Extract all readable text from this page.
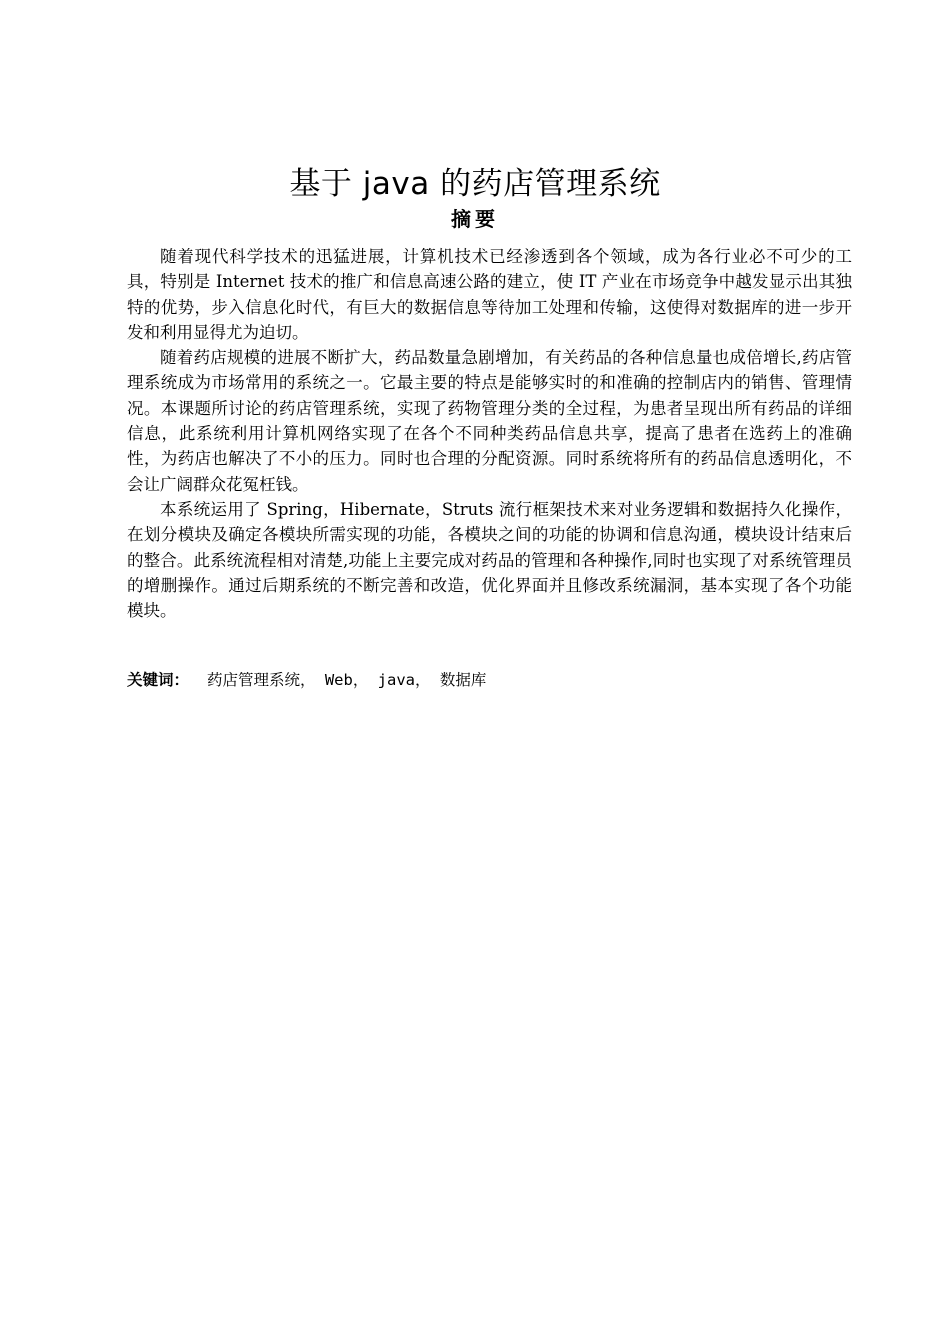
基于 java 的药店管理系统
摘要

随着现代科学技术的迅猛进展，计算机技术已经渗透到各个领域，成为各行业必不可少的工具，特别是 Internet 技术的推广和信息高速公路的建立，使 IT 产业在市场竞争中越发显示出其独特的优势，步入信息化时代，有巨大的数据信息等待加工处理和传输，这使得对数据库的进一步开发和利用显得尤为迫切。

随着药店规模的进展不断扩大，药品数量急剧增加，有关药品的各种信息量也成倍增长,药店管理系统成为市场常用的系统之一。它最主要的特点是能够实时的和准确的控制店内的销售、管理情况。本课题所讨论的药店管理系统，实现了药物管理分类的全过程，为患者呈现出所有药品的详细信息，此系统利用计算机网络实现了在各个不同种类药品信息共享，提高了患者在选药上的准确性，为药店也解决了不小的压力。同时也合理的分配资源。同时系统将所有的药品信息透明化，不会让广阔群众花冤枉钱。

本系统运用了 Spring，Hibernate，Struts 流行框架技术来对业务逻辑和数据持久化操作，在划分模块及确定各模块所需实现的功能，各模块之间的功能的协调和信息沟通，模块设计结束后的整合。此系统流程相对清楚,功能上主要完成对药品的管理和各种操作,同时也实现了对系统管理员的增删操作。通过后期系统的不断完善和改造，优化界面并且修改系统漏洞，基本实现了各个功能模块。

关键词： 药店管理系统， Web， java， 数据库
